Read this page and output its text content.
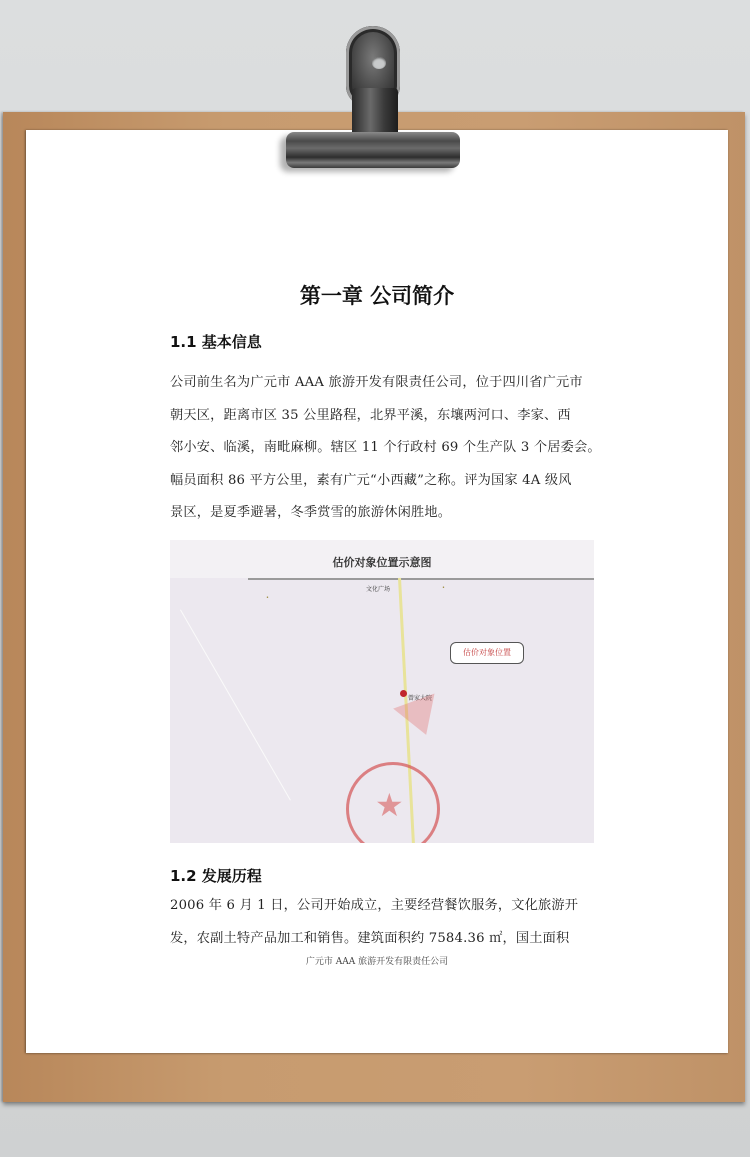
第一章 公司简介
1.1 基本信息
公司前生名为广元市 AAA 旅游开发有限责任公司，位于四川省广元市
朝天区，距离市区 35 公里路程，北界平溪，东壤两河口、李家、西
邻小安、临溪，南毗麻柳。辖区 11 个行政村 69 个生产队 3 个居委会。
幅员面积 86 平方公里，素有广元“小西藏”之称。评为国家 4A 级风
景区，是夏季避暑，冬季赏雪的旅游休闲胜地。
估价对象位置示意图
文化广场
曾家大院
•
•
估价对象位置
★
1.2 发展历程
2006 年 6 月 1 日，公司开始成立，主要经营餐饮服务，文化旅游开
发，农副土特产品加工和销售。建筑面积约 7584.36 ㎡，国土面积
广元市 AAA 旅游开发有限责任公司
